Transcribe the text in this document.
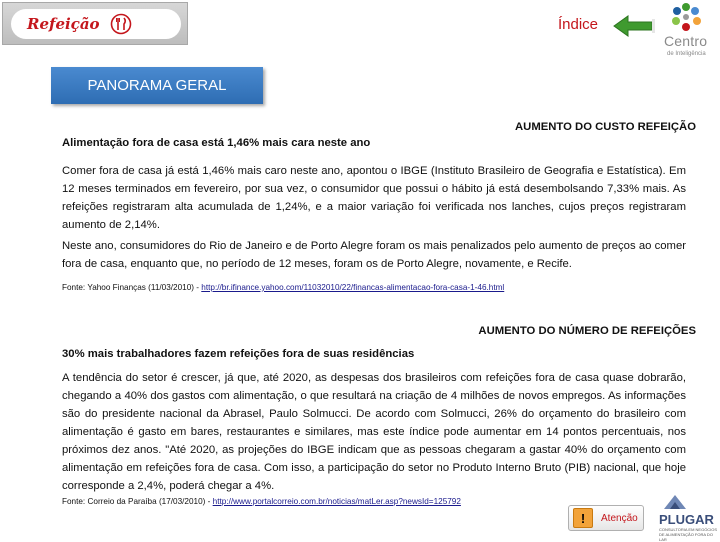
Refeição	Índice
Centro
de Inteligência
PANORAMA GERAL
AUMENTO DO CUSTO REFEIÇÃO
Alimentação fora de casa está 1,46% mais cara neste ano

Comer fora de casa já está 1,46% mais caro neste ano, apontou o IBGE (Instituto Brasileiro de Geografia e Estatística). Em 12 meses terminados em fevereiro, por sua vez, o consumidor que possui o hábito já está desembolsando 7,33% mais. As refeições registraram alta acumulada de 1,24%, e a maior variação foi verificada nos lanches, cujos preços registraram aumento de 2,14%.

Neste ano, consumidores do Rio de Janeiro e de Porto Alegre foram os mais penalizados pelo aumento de preços ao comer fora de casa, enquanto que, no período de 12 meses, foram os de Porto Alegre, novamente, e Recife.

Fonte: Yahoo Finanças (11/03/2010) - http://br.ifinance.yahoo.com/11032010/22/financas-alimentacao-fora-casa-1-46.html
AUMENTO DO NÚMERO DE REFEIÇÕES
30% mais trabalhadores fazem refeições fora de suas residências

A tendência do setor é crescer, já que, até 2020, as despesas dos brasileiros com refeições fora de casa quase dobrarão, chegando a 40% dos gastos com alimentação, o que resultará na criação de 4 milhões de novos empregos. As informações são do presidente nacional da Abrasel, Paulo Solmucci. De acordo com Solmucci, 26% do orçamento do brasileiro com alimentação é gasto em bares, restaurantes e similares, mas este índice pode aumentar em 14 pontos percentuais, nos próximos dez anos. "Até 2020, as projeções do IBGE indicam que as pessoas chegaram a gastar 40% do orçamento com alimentação em refeições fora de casa. Com isso, a participação do setor no Produto Interno Bruto (PIB) nacional, que hoje corresponde a 2,4%, poderá chegar a 4%.

Fonte: Correio da Paraíba (17/03/2010) - http://www.portalcorreio.com.br/noticias/matLer.asp?newsId=125792
!	Atenção PLUGAR
CONSULTORIA EM NEGÓCIOS DE ALIMENTAÇÃO FORA DO LAR
